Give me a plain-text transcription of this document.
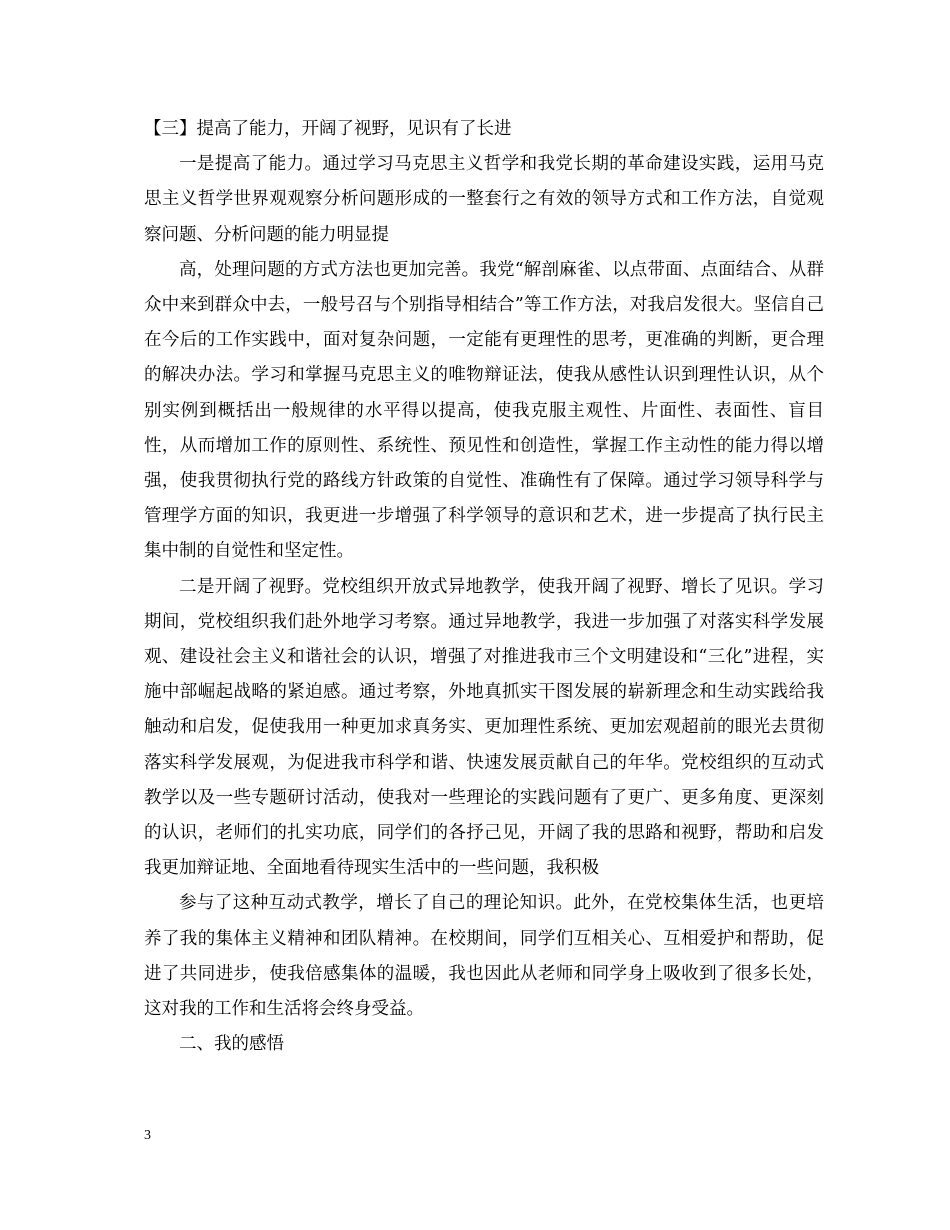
【三】提高了能力，开阔了视野，见识有了长进

一是提高了能力。通过学习马克思主义哲学和我党长期的革命建设实践，运用马克思主义哲学世界观观察分析问题形成的一整套行之有效的领导方式和工作方法，自觉观察问题、分析问题的能力明显提

高，处理问题的方式方法也更加完善。我党“解剖麻雀、以点带面、点面结合、从群众中来到群众中去，一般号召与个别指导相结合”等工作方法，对我启发很大。坚信自己在今后的工作实践中，面对复杂问题，一定能有更理性的思考，更准确的判断，更合理的解决办法。学习和掌握马克思主义的唯物辩证法，使我从感性认识到理性认识，从个别实例到概括出一般规律的水平得以提高，使我克服主观性、片面性、表面性、盲目性，从而增加工作的原则性、系统性、预见性和创造性，掌握工作主动性的能力得以增强，使我贯彻执行党的路线方针政策的自觉性、准确性有了保障。通过学习领导科学与管理学方面的知识，我更进一步增强了科学领导的意识和艺术，进一步提高了执行民主集中制的自觉性和坚定性。

二是开阔了视野。党校组织开放式异地教学，使我开阔了视野、增长了见识。学习期间，党校组织我们赴外地学习考察。通过异地教学，我进一步加强了对落实科学发展观、建设社会主义和谐社会的认识，增强了对推进我市三个文明建设和“三化”进程，实施中部崛起战略的紧迫感。通过考察，外地真抓实干图发展的崭新理念和生动实践给我触动和启发，促使我用一种更加求真务实、更加理性系统、更加宏观超前的眼光去贯彻落实科学发展观，为促进我市科学和谐、快速发展贡献自己的年华。党校组织的互动式教学以及一些专题研讨活动，使我对一些理论的实践问题有了更广、更多角度、更深刻的认识，老师们的扎实功底，同学们的各抒己见，开阔了我的思路和视野，帮助和启发我更加辩证地、全面地看待现实生活中的一些问题，我积极

参与了这种互动式教学，增长了自己的理论知识。此外，在党校集体生活，也更培养了我的集体主义精神和团队精神。在校期间，同学们互相关心、互相爱护和帮助，促进了共同进步，使我倍感集体的温暖，我也因此从老师和同学身上吸收到了很多长处，这对我的工作和生活将会终身受益。

二、我的感悟

3
